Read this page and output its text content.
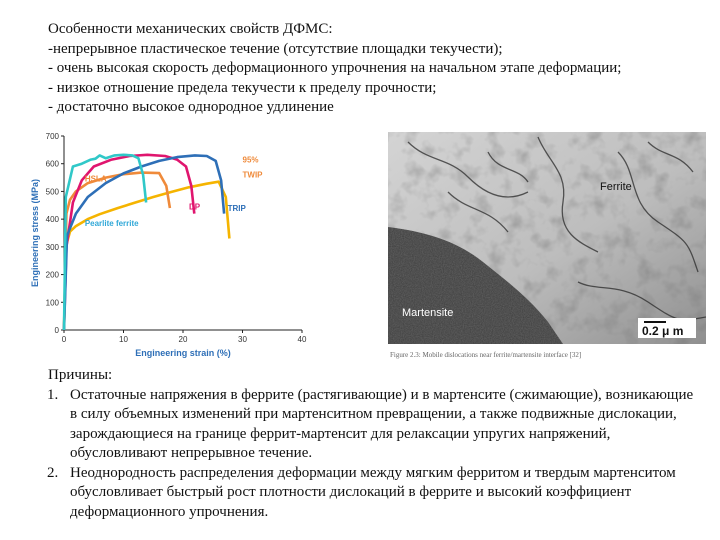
Особенности механических свойств ДФМС:
-непрерывное пластическое течение (отсутствие площадки текучести);
- очень высокая скорость деформационного упрочнения на начальном этапе деформации;
- низкое отношение предела текучести к пределу прочности;
- достаточно высокое однородное удлинение
0
100
200
300
400
500
600
700
0	10	20	30	40
Engineering strain (%)
Engineering stress (MPa)
95%
HSLA	TWIP
DP	TRIP
Pearlite ferrite
Ferrite
Martensite
0.2 μ m
Figure 2.3: Mobile dislocations near ferrite/martensite interface [32]
Причины:
1. Остаточные напряжения в феррите (растягивающие) и в мартенсите (сжимающие), возникающие в силу объемных изменений при мартенситном превращении, а также подвижные дислокации, зарождающиеся на границе феррит-мартенсит для релаксации упругих напряжений, обусловливают непрерывное течение.
2. Неоднородность распределения деформации между мягким ферритом и твердым мартенситом обусловливает быстрый рост плотности дислокаций в феррите и высокий коэффициент деформационного упрочнения.
